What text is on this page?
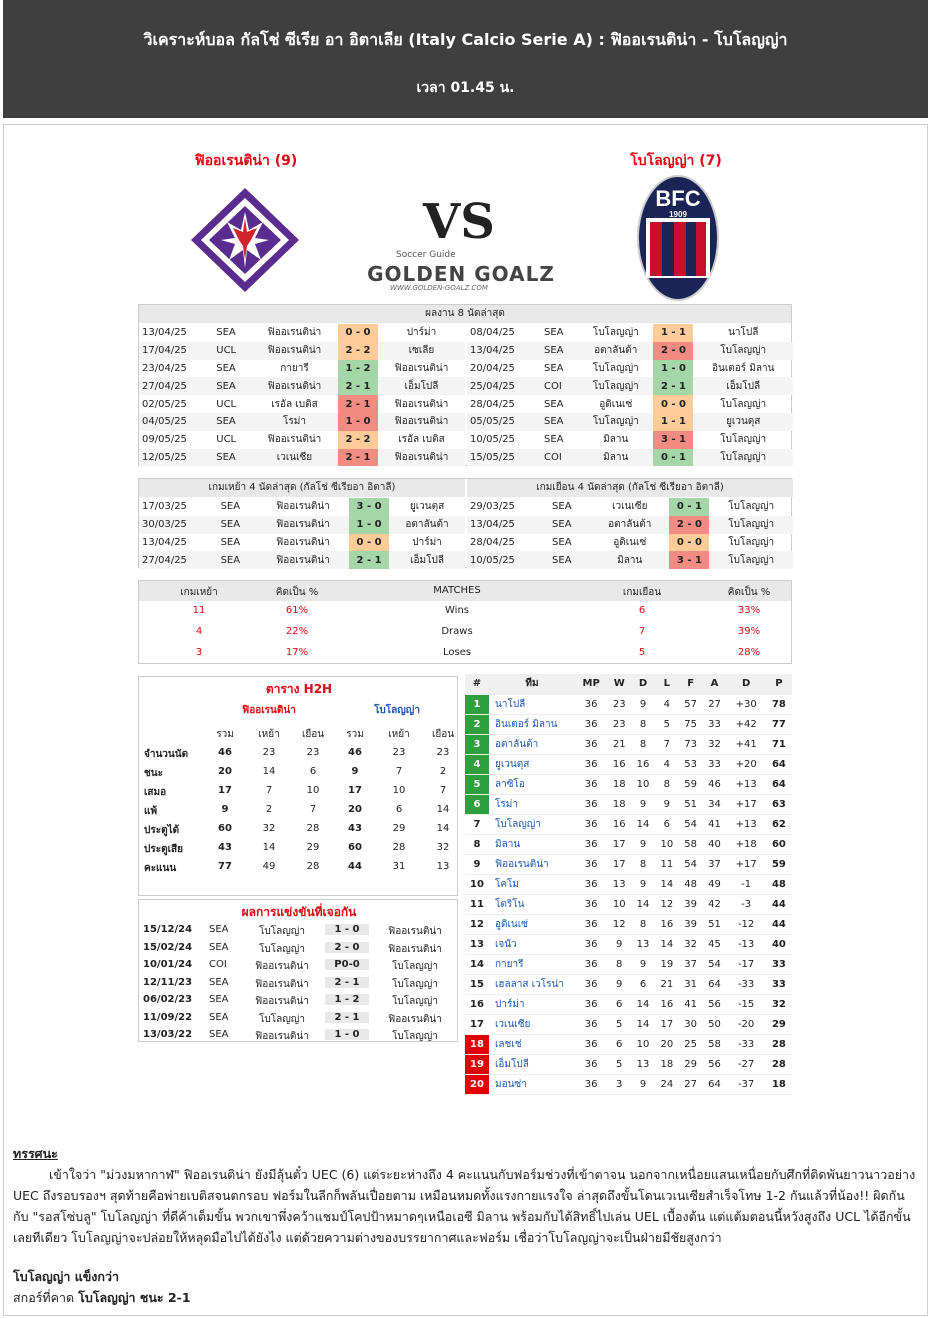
วิเคราะห์บอล กัลโช่ ซีเรีย อา อิตาเลีย (Italy Calcio Serie A) : ฟิออเรนติน่า - โบโลญญ่า
เวลา 01.45 น.
ฟิออเรนติน่า (9)	โบโลญญ่า (7)
VS
Soccer Guide
GOLDEN GOALZ
WWW.GOLDEN-GOALZ.COM
BFC
1909
ผลงาน 8 นัดล่าสุด
13/04/25	SEA	ฟิออเรนติน่า	0 - 0	ปาร์ม่า
17/04/25	UCL	ฟิออเรนติน่า	2 - 2	เซเลีย
23/04/25	SEA	กายารี	1 - 2	ฟิออเรนติน่า
27/04/25	SEA	ฟิออเรนติน่า	2 - 1	เอ็มโปลี
02/05/25	UCL	เรอัล เบติส	2 - 1	ฟิออเรนติน่า
04/05/25	SEA	โรม่า	1 - 0	ฟิออเรนติน่า
09/05/25	UCL	ฟิออเรนติน่า	2 - 2	เรอัล เบติส
12/05/25	SEA	เวเนเซีย	2 - 1	ฟิออเรนติน่า
08/04/25	SEA	โบโลญญ่า	1 - 1	นาโปลี
13/04/25	SEA	อตาลันต้า	2 - 0	โบโลญญ่า
20/04/25	SEA	โบโลญญ่า	1 - 0	อินเตอร์ มิลาน
25/04/25	COI	โบโลญญ่า	2 - 1	เอ็มโปลี
28/04/25	SEA	อูดิเนเซ่	0 - 0	โบโลญญ่า
05/05/25	SEA	โบโลญญ่า	1 - 1	ยูเวนตุส
10/05/25	SEA	มิลาน	3 - 1	โบโลญญ่า
15/05/25	COI	มิลาน	0 - 1	โบโลญญ่า
เกมเหย้า 4 นัดล่าสุด (กัลโช่ ซีเรียอา อิตาลี)	เกมเยือน 4 นัดล่าสุด (กัลโช่ ซีเรียอา อิตาลี)
17/03/25	SEA	ฟิออเรนติน่า	3 - 0	ยูเวนตุส
30/03/25	SEA	ฟิออเรนติน่า	1 - 0	อตาลันต้า
13/04/25	SEA	ฟิออเรนติน่า	0 - 0	ปาร์ม่า
27/04/25	SEA	ฟิออเรนติน่า	2 - 1	เอ็มโปลี
29/03/25	SEA	เวเนเซีย	0 - 1	โบโลญญ่า
13/04/25	SEA	อตาลันต้า	2 - 0	โบโลญญ่า
28/04/25	SEA	อูดิเนเซ่	0 - 0	โบโลญญ่า
10/05/25	SEA	มิลาน	3 - 1	โบโลญญ่า
เกมเหย้า	คิดเป็น %	MATCHES	เกมเยือน	คิดเป็น %
11	61%	Wins	6	33%
4	22%	Draws	7	39%
3	17%	Loses	5	28%
ตาราง H2H
ฟิออเรนติน่า	โบโลญญ่า
รวม	เหย้า	เยือน	รวม	เหย้า	เยือน
จำนวนนัด	46	23	23	46	23	23
ชนะ	20	14	6	9	7	2
เสมอ	17	7	10	17	10	7
แพ้	9	2	7	20	6	14
ประตูได้	60	32	28	43	29	14
ประตูเสีย	43	14	29	60	28	32
คะแนน	77	49	28	44	31	13
ผลการแข่งขันที่เจอกัน
15/12/24	SEA	โบโลญญ่า	1 - 0	ฟิออเรนติน่า
15/02/24	SEA	โบโลญญ่า	2 - 0	ฟิออเรนติน่า
10/01/24	COI	ฟิออเรนติน่า	P0-0	โบโลญญ่า
12/11/23	SEA	ฟิออเรนติน่า	2 - 1	โบโลญญ่า
06/02/23	SEA	ฟิออเรนติน่า	1 - 2	โบโลญญ่า
11/09/22	SEA	โบโลญญ่า	2 - 1	ฟิออเรนติน่า
13/03/22	SEA	ฟิออเรนติน่า	1 - 0	โบโลญญ่า
#	ทีม	MP	W	D	L	F	A	D	P
1	นาโปลี	36	23	9	4	57	27	+30	78
2	อินเตอร์ มิลาน	36	23	8	5	75	33	+42	77
3	อตาลันต้า	36	21	8	7	73	32	+41	71
4	ยูเวนตุส	36	16	16	4	53	33	+20	64
5	ลาซิโอ	36	18	10	8	59	46	+13	64
6	โรม่า	36	18	9	9	51	34	+17	63
7	โบโลญญ่า	36	16	14	6	54	41	+13	62
8	มิลาน	36	17	9	10	58	40	+18	60
9	ฟิออเรนติน่า	36	17	8	11	54	37	+17	59
10	โคโม	36	13	9	14	48	49	-1	48
11	โตริโน	36	10	14	12	39	42	-3	44
12	อูดิเนเซ่	36	12	8	16	39	51	-12	44
13	เจนัว	36	9	13	14	32	45	-13	40
14	กายารี	36	8	9	19	37	54	-17	33
15	เฮลลาส เวโรน่า	36	9	6	21	31	64	-33	33
16	ปาร์ม่า	36	6	14	16	41	56	-15	32
17	เวเนเซีย	36	5	14	17	30	50	-20	29
18	เลชเช่	36	6	10	20	25	58	-33	28
19	เอ็มโปลี	36	5	13	18	29	56	-27	28
20	มอนซ่า	36	3	9	24	27	64	-37	18
ทรรศนะ
เข้าใจว่า "ม่วงมหากาฬ" ฟิออเรนติน่า ยังมีลุ้นตั๋ว UEC (6) แต่ระยะห่างถึง 4 คะแนนกับฟอร์มช่วงที่เข้าตาจน นอกจากเหนื่อยแสนเหนื่อยกับศึกที่ติดพันยาวนาวอย่าง UEC ถึงรอบรองฯ สุดท้ายคือพ่ายเบติสจนตกรอบ ฟอร์มในลีกก็พลันเปื่อยตาม เหมือนหมดทั้งแรงกายแรงใจ ล่าสุดถึงขั้นโดนเวเนเซียสำเร็จโทษ 1-2 กันแล้วที่น้อง!! ผิดกันกับ "รอสโซ่บลู" โบโลญญ่า ที่ดีค้าเต็มขั้น พวกเขาพึ่งคว้าแชมป์โคปป้าหมาดๆเหนือเอซี มิลาน พร้อมกับได้สิทธิ์ไปเล่น UEL เบื้องต้น แต่แต้มตอนนี้หวังสูงถึง UCL ได้อีกขั้นเลยทีเดียว โบโลญญ่าจะปล่อยให้หลุดมือไปได้ยังไง แต่ด้วยความต่างของบรรยากาศและฟอร์ม เชื่อว่าโบโลญญ่าจะเป็นฝ่ายมีชัยสูงกว่า
โบโลญญ่า แข็งกว่า
สกอร์ที่คาด โบโลญญ่า ชนะ 2-1
